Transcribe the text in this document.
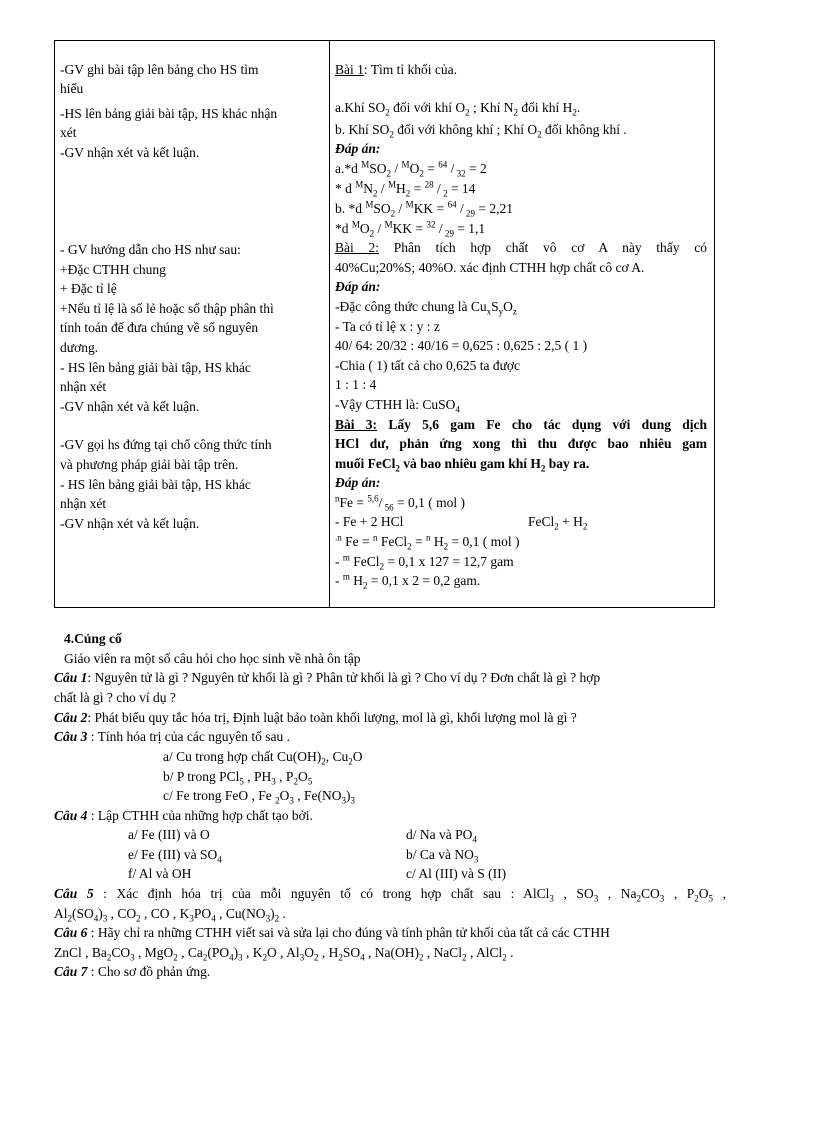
-GV ghi bài tập lên bảng cho HS tìm
hiểu
-HS lên bảng giải bài tập, HS khác nhận
xét
-GV nhận xét và kết luận.
- GV hướng dẫn cho HS như sau:
+Đặc CTHH chung
+ Đặc tỉ lệ
+Nếu tỉ lệ là số lẻ hoặc số thập phân thì
tính toán để đưa chúng về số nguyên
dương.
- HS lên bảng giải bài tập, HS khác
nhận xét
-GV nhận xét và kết luận.
-GV gọi hs đứng tại chổ công thức tính
và phương pháp giải bài tập trên.
- HS lên bảng giải bài tập, HS khác
nhận xét
-GV nhận xét và kết luận.
Bài 1: Tìm tỉ khối của.
a.Khí $SO_2$ đối với khí $O_2$ ; Khí $N_2$ đối khí $H_2$.
b. Khí $SO_2$ đối với không khí ; Khí $O_2$ đối không khí .
Đáp án:
a.*d $^MSO_2 / ^MO_2 = ^{64} / _{32} = 2$
* d $^MN_2 / ^MH_2 = ^{28} / _2 = 14$
b. *d $^MSO_2 / ^MKK = ^{64} / _{29} = 2,21$
*d $^MO_2 / ^MKK = ^{32} / _{29} = 1,1$
Bài 2: Phân tích hợp chất vô cơ A này thấy có
40%Cu;20%S; 40%O. xác định CTHH hợp chất cô cơ A.
Đáp án:
-Đặc công thức chung là $Cu_xS_yO_z$
- Ta có tỉ lệ x : y : z
40/ 64: 20/32 : 40/16 = 0,625 : 0,625 : 2,5 ( 1 )
-Chia ( 1) tất cả cho 0,625 ta được
1 : 1 : 4
-Vậy CTHH là: CuSO$_4$
Bài 3: Lấy 5,6 gam Fe cho tác dụng với dung dịch
HCl dư, phản ứng xong thì thu được bao nhiêu gam
muối FeCl$_2$ và bao nhiêu gam khí $H_2$ bay ra.
Đáp án:
$^n$Fe = $^{5,6}$/ $_{56}$ = 0,1 ( mol )
- Fe + 2 HCl	FeCl$_2$ + $H_2$
$^{.n}$ Fe = $^n$ FeCl$_2$ = $^n$ $H_2 = 0,1$ ( mol )
- $^m$ FeCl$_2$ = 0,1 x 127 = 12,7 gam
- $^m$ $H_2 = 0,1$ x 2 = 0,2 gam.
4.Củng cố
Giáo viên ra một số câu hỏi cho học sinh về nhà ôn tập
Câu 1: Nguyên tử là gì ? Nguyên tử khối là gì ? Phân tử khối là gì ? Cho ví dụ ? Đơn chất là gì ? hợp
chất là gì ? cho ví dụ ?
Câu 2: Phát biểu quy tắc hóa trị, Định luật bảo toàn khối lượng, mol là gì, khối lượng mol là gì ?
Câu 3 : Tính hóa trị của các nguyên tố sau .
a/ Cu trong hợp chất $Cu(OH)_2$, $Cu_2O$
b/ P trong PCl$_5$ , $PH_3$ , $P_2O_5$
c/ Fe trong FeO , Fe $_2O_3$ , $Fe(NO_3)_3$
Câu 4 : Lập CTHH của những hợp chất tạo bởi.
a/ Fe (III) và O	d/ Na và $PO_4$
e/ Fe (III) và $SO_4$	b/ Ca và $NO_3$
f/ Al và OH	c/ Al (III) và S (II)
Câu 5 : Xác định hóa trị của mỗi nguyên tố có trong hợp chất sau : AlCl$_3$ , $SO_3$ , $Na_2CO_3$ , $P_2O_5$ ,
$Al_2(SO_4)_3$ , $CO_2$ , CO , $K_3PO_4$ , $Cu(NO_3)_2$ .
Câu 6 : Hãy chỉ ra những CTHH viết sai và sửa lại cho đúng và tính phân tử khối của tất cả các CTHH
ZnCl , $Ba_2CO_3$ , MgO$_2$ , $Ca_2(PO_4)_3$ , $K_2O$ , $Al_3O_2$ , $H_2SO_4$ , $Na(OH)_2$ , NaCl$_2$ , AlCl$_2$ .
Câu 7 : Cho sơ đồ phản ứng.
